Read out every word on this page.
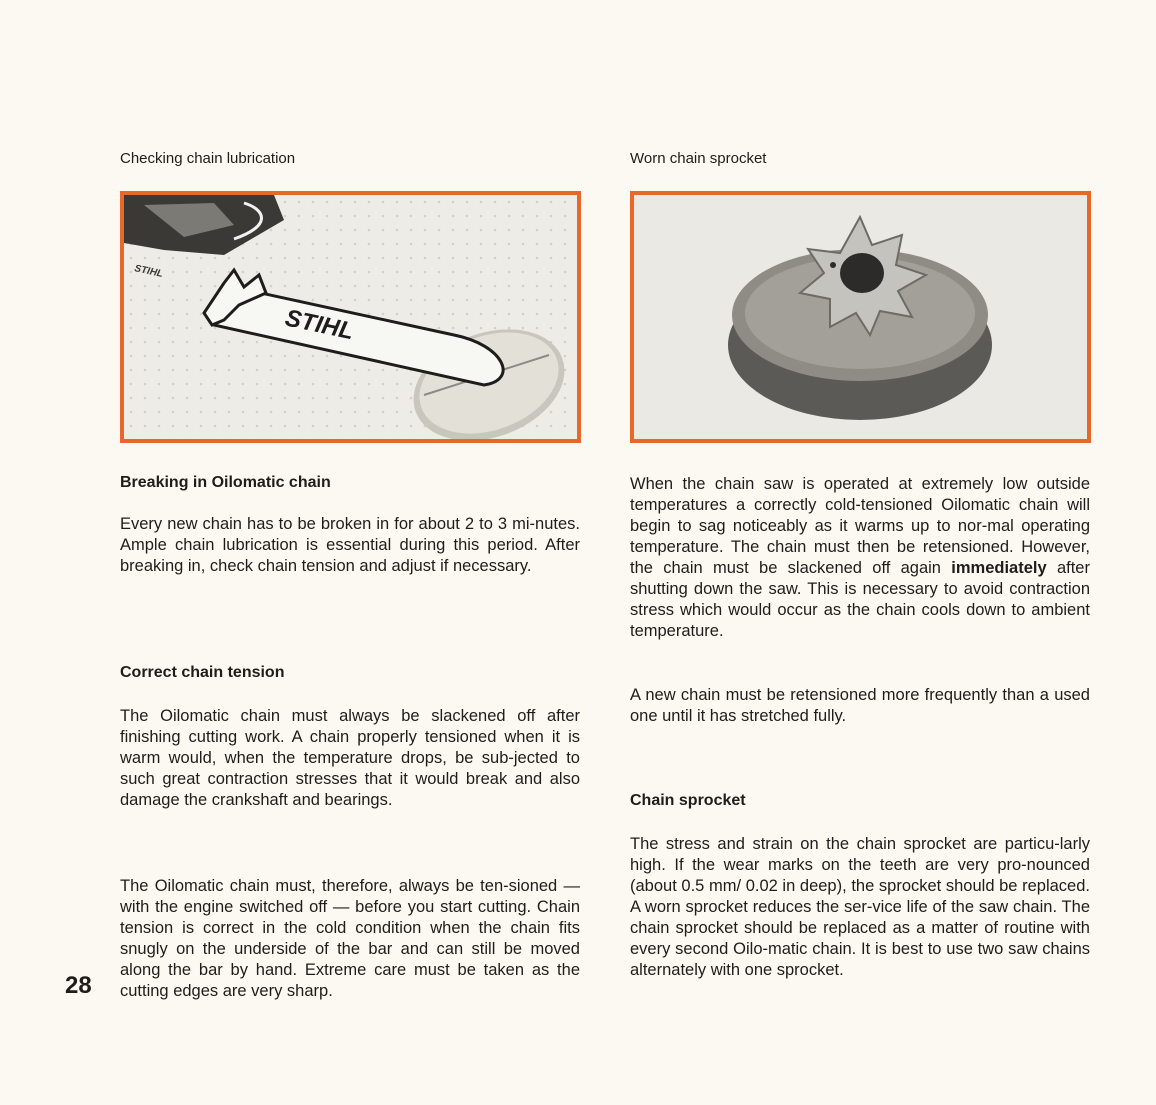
Checking chain lubrication
STIHL
STIHL
Breaking in Oilomatic chain

Every new chain has to be broken in for about 2 to 3 mi-nutes. Ample chain lubrication is essential during this period. After breaking in, check chain tension and adjust if necessary.

Correct chain tension

The Oilomatic chain must always be slackened off after finishing cutting work. A chain properly tensioned when it is warm would, when the temperature drops, be sub-jected to such great contraction stresses that it would break and also damage the crankshaft and bearings.

The Oilomatic chain must, therefore, always be ten-sioned — with the engine switched off — before you start cutting. Chain tension is correct in the cold condition when the chain fits snugly on the underside of the bar and can still be moved along the bar by hand. Extreme care must be taken as the cutting edges are very sharp.

28
Worn chain sprocket

When the chain saw is operated at extremely low outside temperatures a correctly cold-tensioned Oilomatic chain will begin to sag noticeably as it warms up to nor-mal operating temperature. The chain must then be retensioned. However, the chain must be slackened off again immediately after shutting down the saw. This is necessary to avoid contraction stress which would occur as the chain cools down to ambient temperature.

A new chain must be retensioned more frequently than a used one until it has stretched fully.

Chain sprocket

The stress and strain on the chain sprocket are particu-larly high. If the wear marks on the teeth are very pro-nounced (about 0.5 mm/ 0.02 in deep), the sprocket should be replaced. A worn sprocket reduces the ser-vice life of the saw chain. The chain sprocket should be replaced as a matter of routine with every second Oilo-matic chain. It is best to use two saw chains alternately with one sprocket.
